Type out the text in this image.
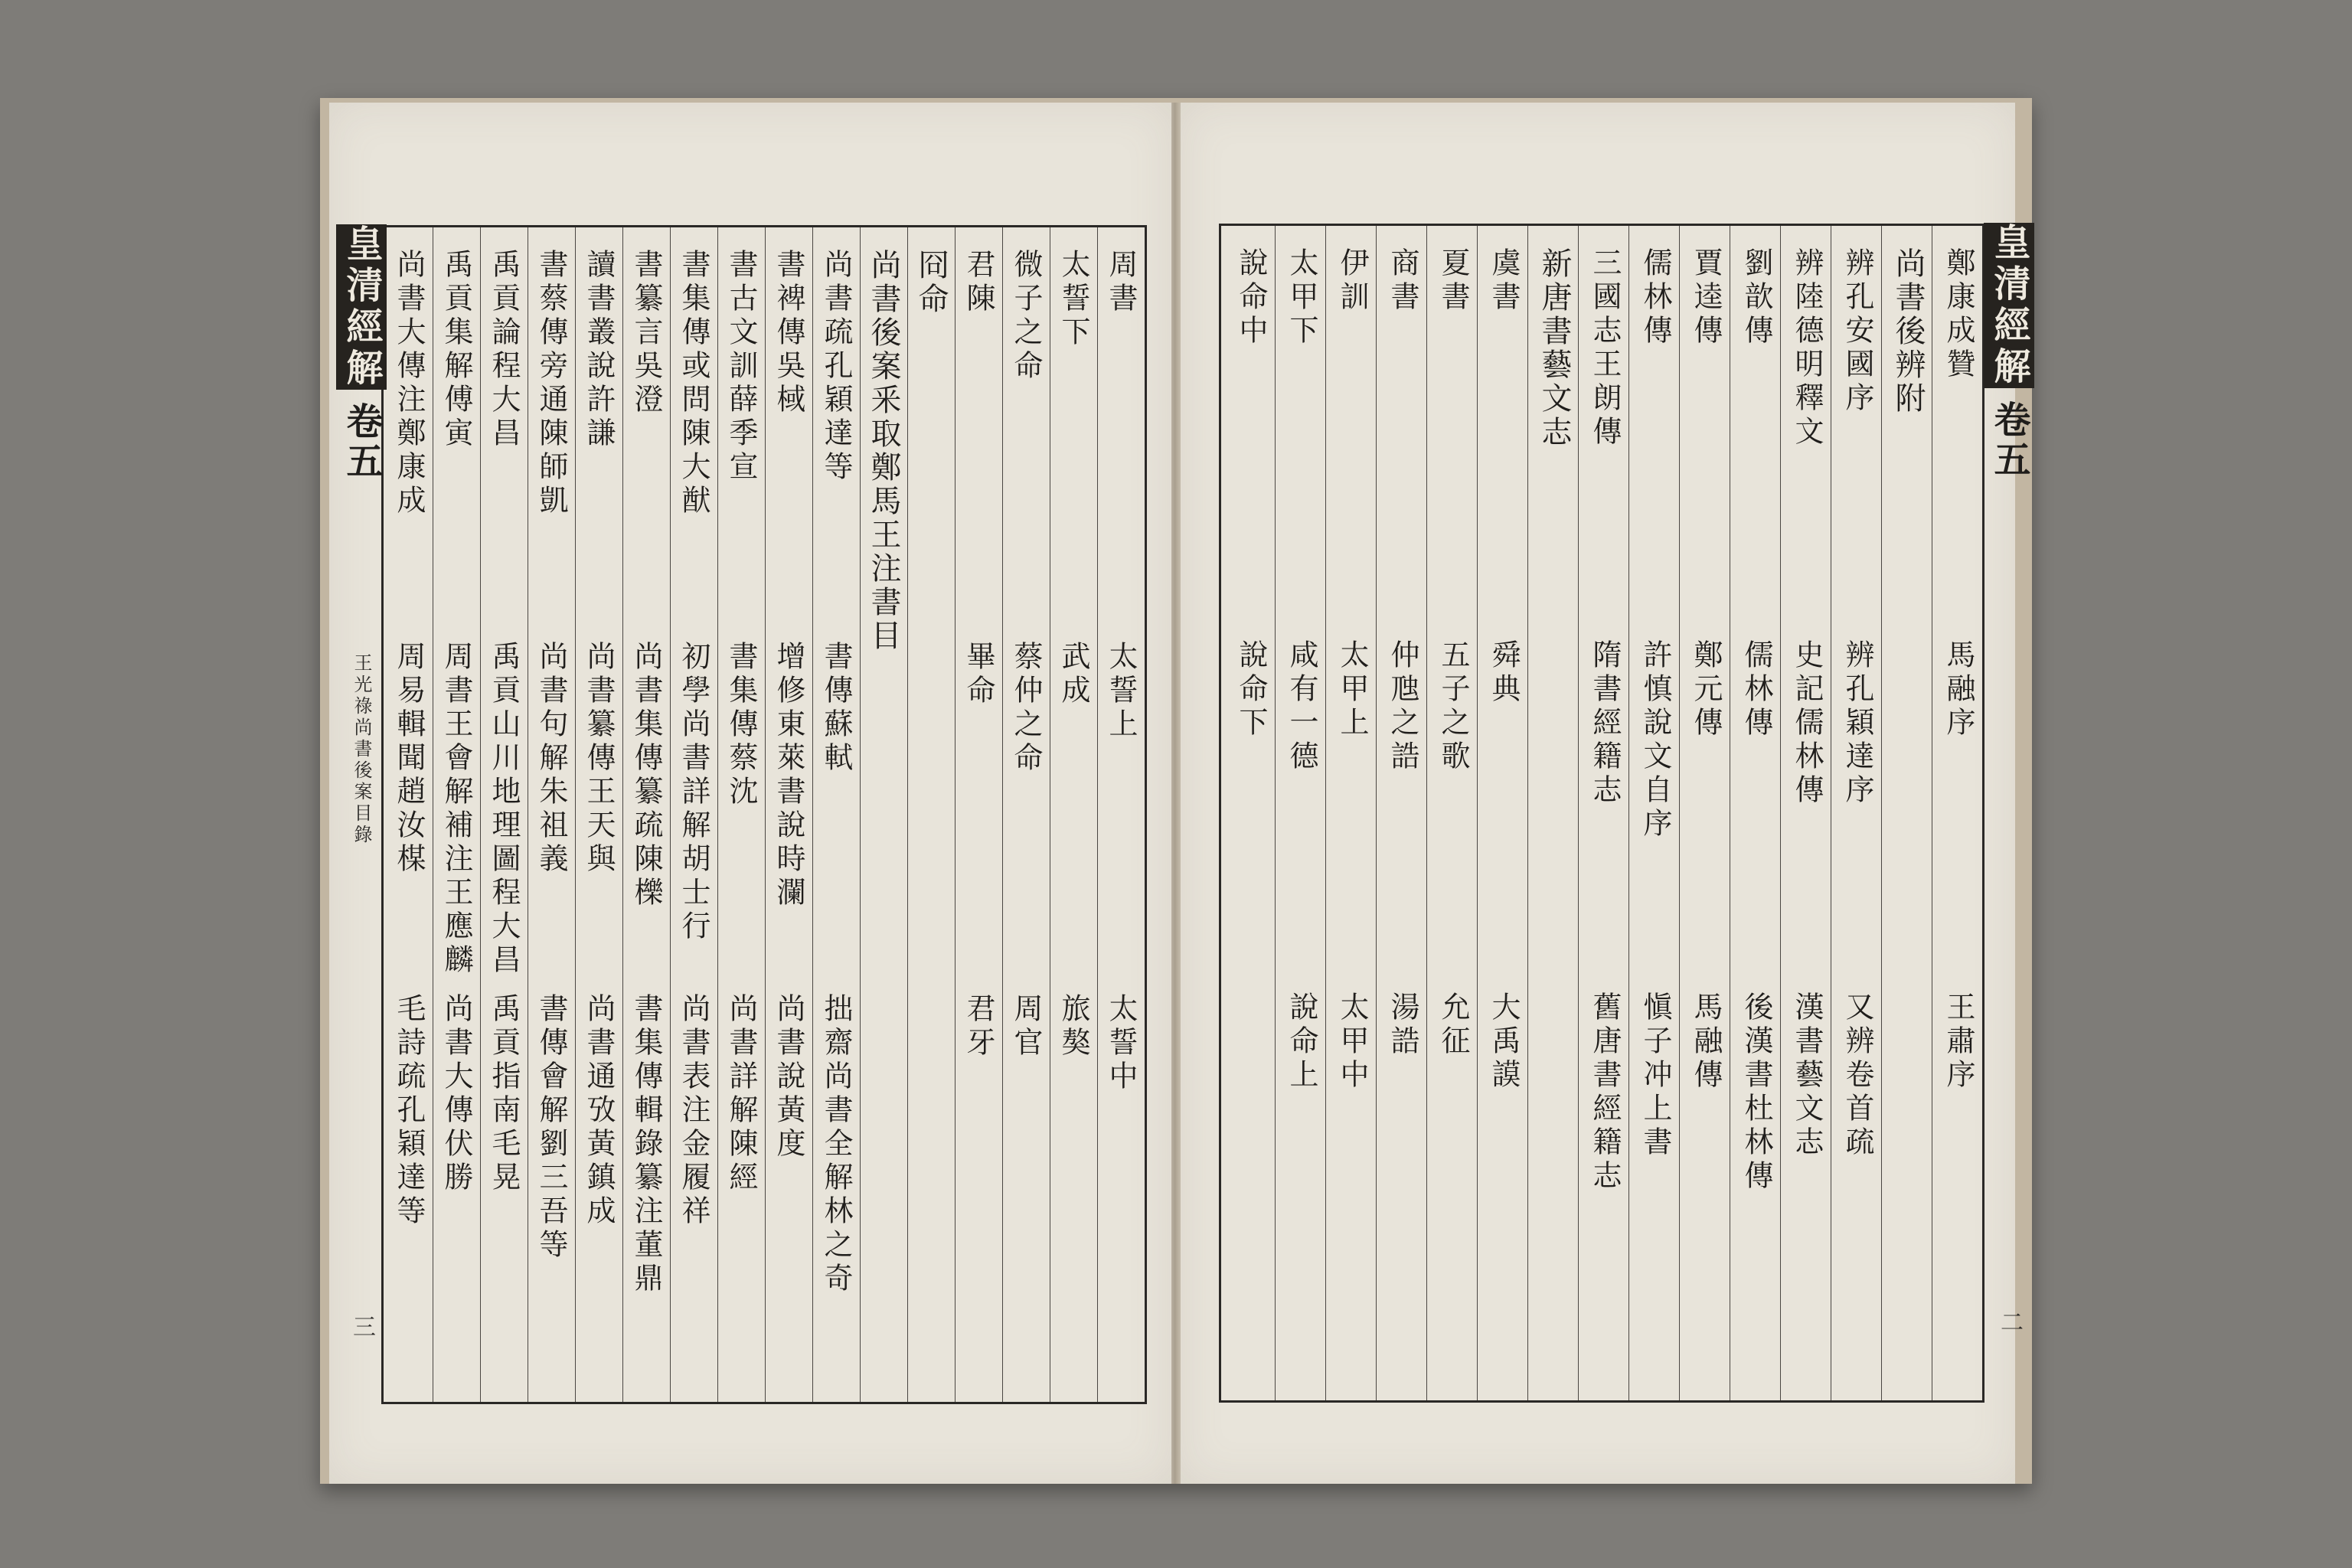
皇清經解
卷五
王光祿尚書後案目錄
三
周書
太誓上
太誓中
太誓下
武成
旅獒
微子之命
蔡仲之命
周官
君陳
畢命
君牙
冏命
尚書後案釆取鄭馬王注書目
尚書疏孔穎達等
書傳蘇軾
拙齋尚書全解林之奇
書裨傳吳棫
增修東萊書說時瀾
尚書說黃度
書古文訓薛季宣
書集傳蔡沈
尚書詳解陳經
書集傳或問陳大猷
初學尚書詳解胡士行
尚書表注金履祥
書纂言吳澄
尚書集傳纂疏陳櫟
書集傳輯錄纂注董鼎
讀書叢說許謙
尚書纂傳王天與
尚書通攷黃鎮成
書蔡傳旁通陳師凱
尚書句解朱祖義
書傳會解劉三吾等
禹貢論程大昌
禹貢山川地理圖程大昌
禹貢指南毛晃
禹貢集解傅寅
周書王會解補注王應麟
尚書大傳伏勝
尚書大傳注鄭康成
周易輯聞趙汝楳
毛詩疏孔穎達等
皇清經解
卷五
二
鄭康成贊
馬融序
王肅序
尚書後辨附
辨孔安國序
辨孔穎達序
又辨卷首疏
辨陸德明釋文
史記儒林傳
漢書藝文志
劉歆傳
儒林傳
後漢書杜林傳
賈逵傳
鄭元傳
馬融傳
儒林傳
許慎說文自序
愼子冲上書
三國志王朗傳
隋書經籍志
舊唐書經籍志
新唐書藝文志
虞書
舜典
大禹謨
夏書
五子之歌
允征
商書
仲虺之誥
湯誥
伊訓
太甲上
太甲中
太甲下
咸有一德
說命上
說命中
說命下
